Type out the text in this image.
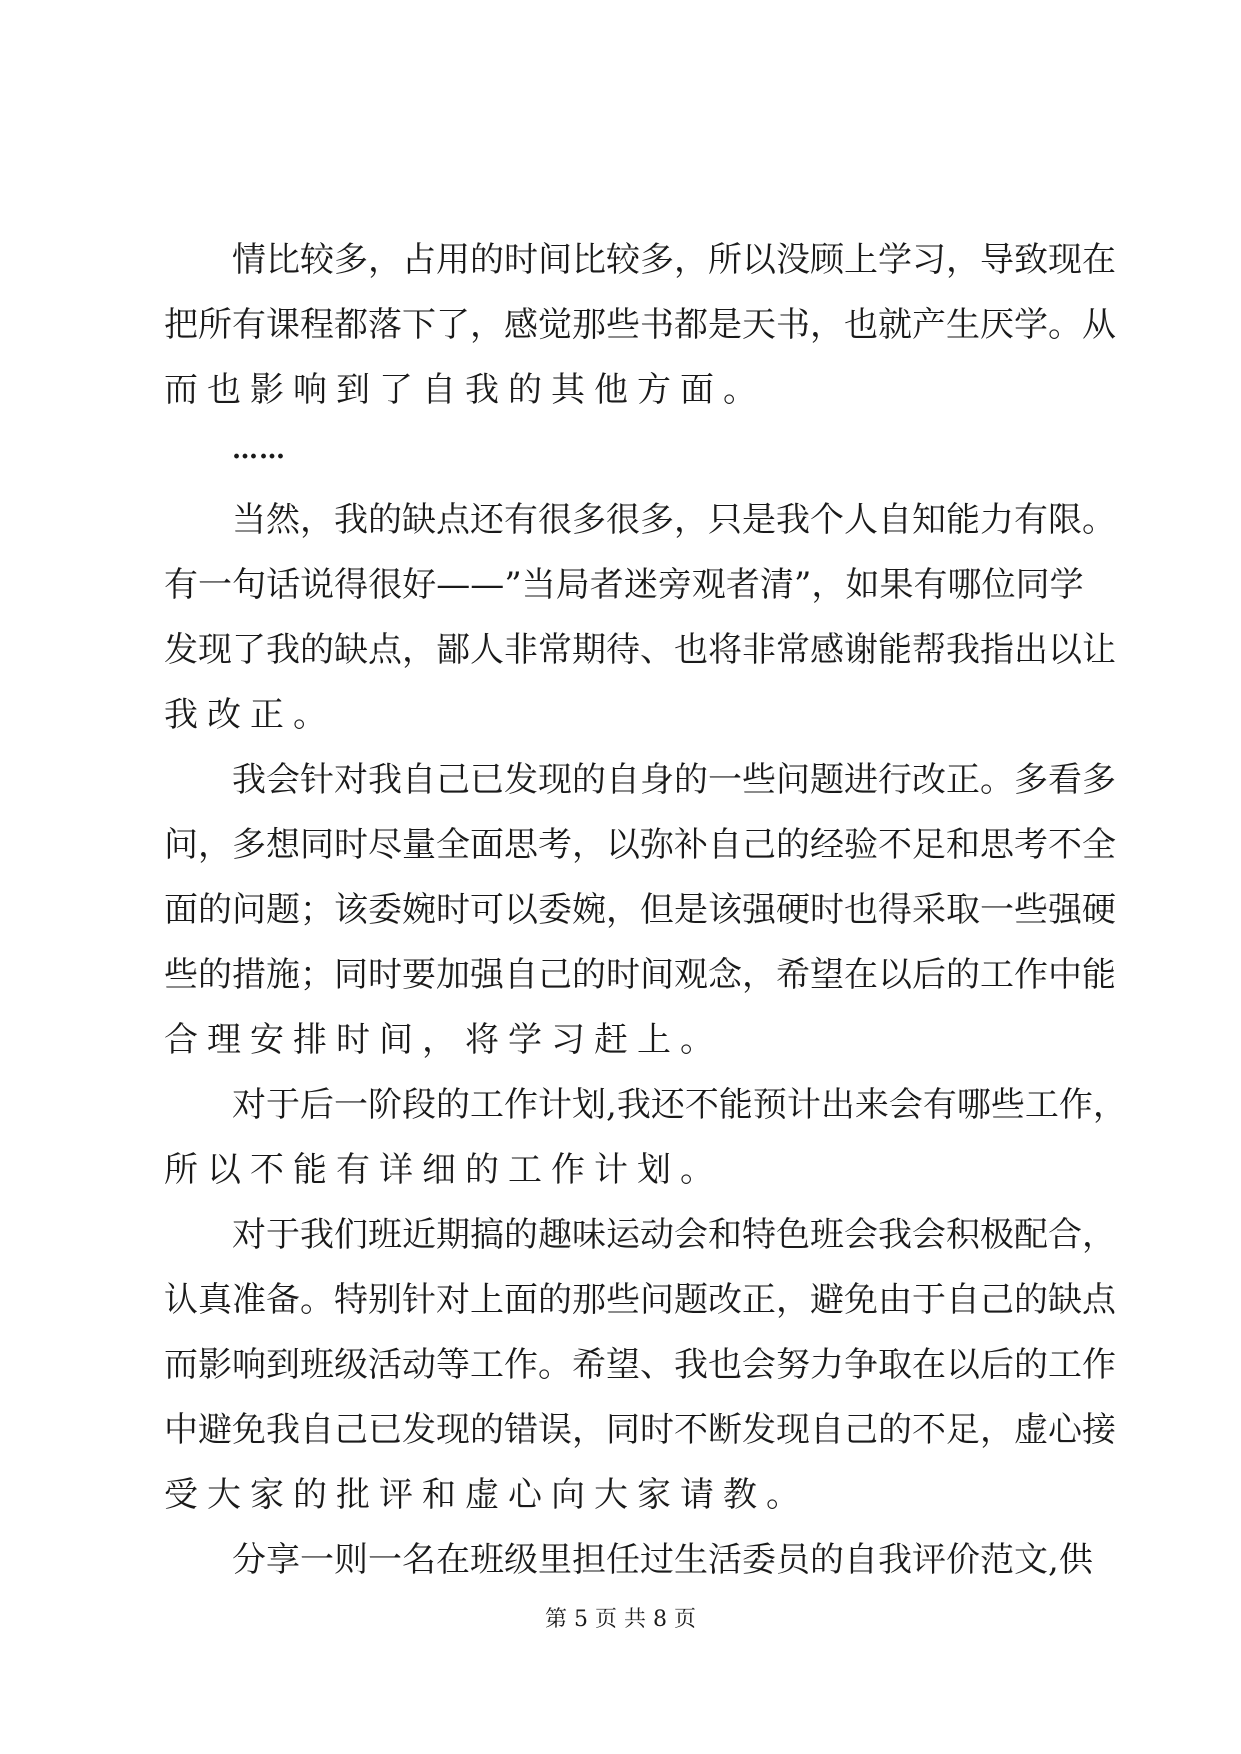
情 比 较 多 ， 占 用 的 时 间 比 较 多 ， 所 以 没 顾 上 学 习 ， 导 致 现 在
把 所 有 课 程 都 落 下 了 ， 感 觉 那 些 书 都 是 天 书 ， 也 就 产 生 厌 学 。 从
而 也 影 响 到 了 自 我 的 其 他 方 面 。
……
当 然 ， 我 的 缺 点 还 有 很 多 很 多 ， 只 是 我 个 人 自 知 能 力 有 限 。
有 一 句 话 说 得 很 好 — — ” 当 局 者 迷 旁 观 者 清 ” ， 如 果 有 哪 位 同 学
发 现 了 我 的 缺 点 ， 鄙 人 非 常 期 待 、 也 将 非 常 感 谢 能 帮 我 指 出 以 让
我 改 正 。
我 会 针 对 我 自 己 已 发 现 的 自 身 的 一 些 问 题 进 行 改 正 。 多 看 多
问 ， 多 想 同 时 尽 量 全 面 思 考 ， 以 弥 补 自 己 的 经 验 不 足 和 思 考 不 全
面 的 问 题 ； 该 委 婉 时 可 以 委 婉 ， 但 是 该 强 硬 时 也 得 采 取 一 些 强 硬
些 的 措 施 ； 同 时 要 加 强 自 己 的 时 间 观 念 ， 希 望 在 以 后 的 工 作 中 能
合 理 安 排 时 间 ， 将 学 习 赶 上 。
对 于 后 一 阶 段 的 工 作 计 划 , 我 还 不 能 预 计 出 来 会 有 哪 些 工 作 ，
所 以 不 能 有 详 细 的 工 作 计 划 。
对 于 我 们 班 近 期 搞 的 趣 味 运 动 会 和 特 色 班 会 我 会 积 极 配 合 ，
认 真 准 备 。 特 别 针 对 上 面 的 那 些 问 题 改 正 ， 避 免 由 于 自 己 的 缺 点
而 影 响 到 班 级 活 动 等 工 作 。 希 望 、 我 也 会 努 力 争 取 在 以 后 的 工 作
中 避 免 我 自 己 已 发 现 的 错 误 ， 同 时 不 断 发 现 自 己 的 不 足 ， 虚 心 接
受 大 家 的 批 评 和 虚 心 向 大 家 请 教 。
分 享 一 则 一 名 在 班 级 里 担 任 过 生 活 委 员 的 自 我 评 价 范 文 , 供
第 5 页 共 8 页
